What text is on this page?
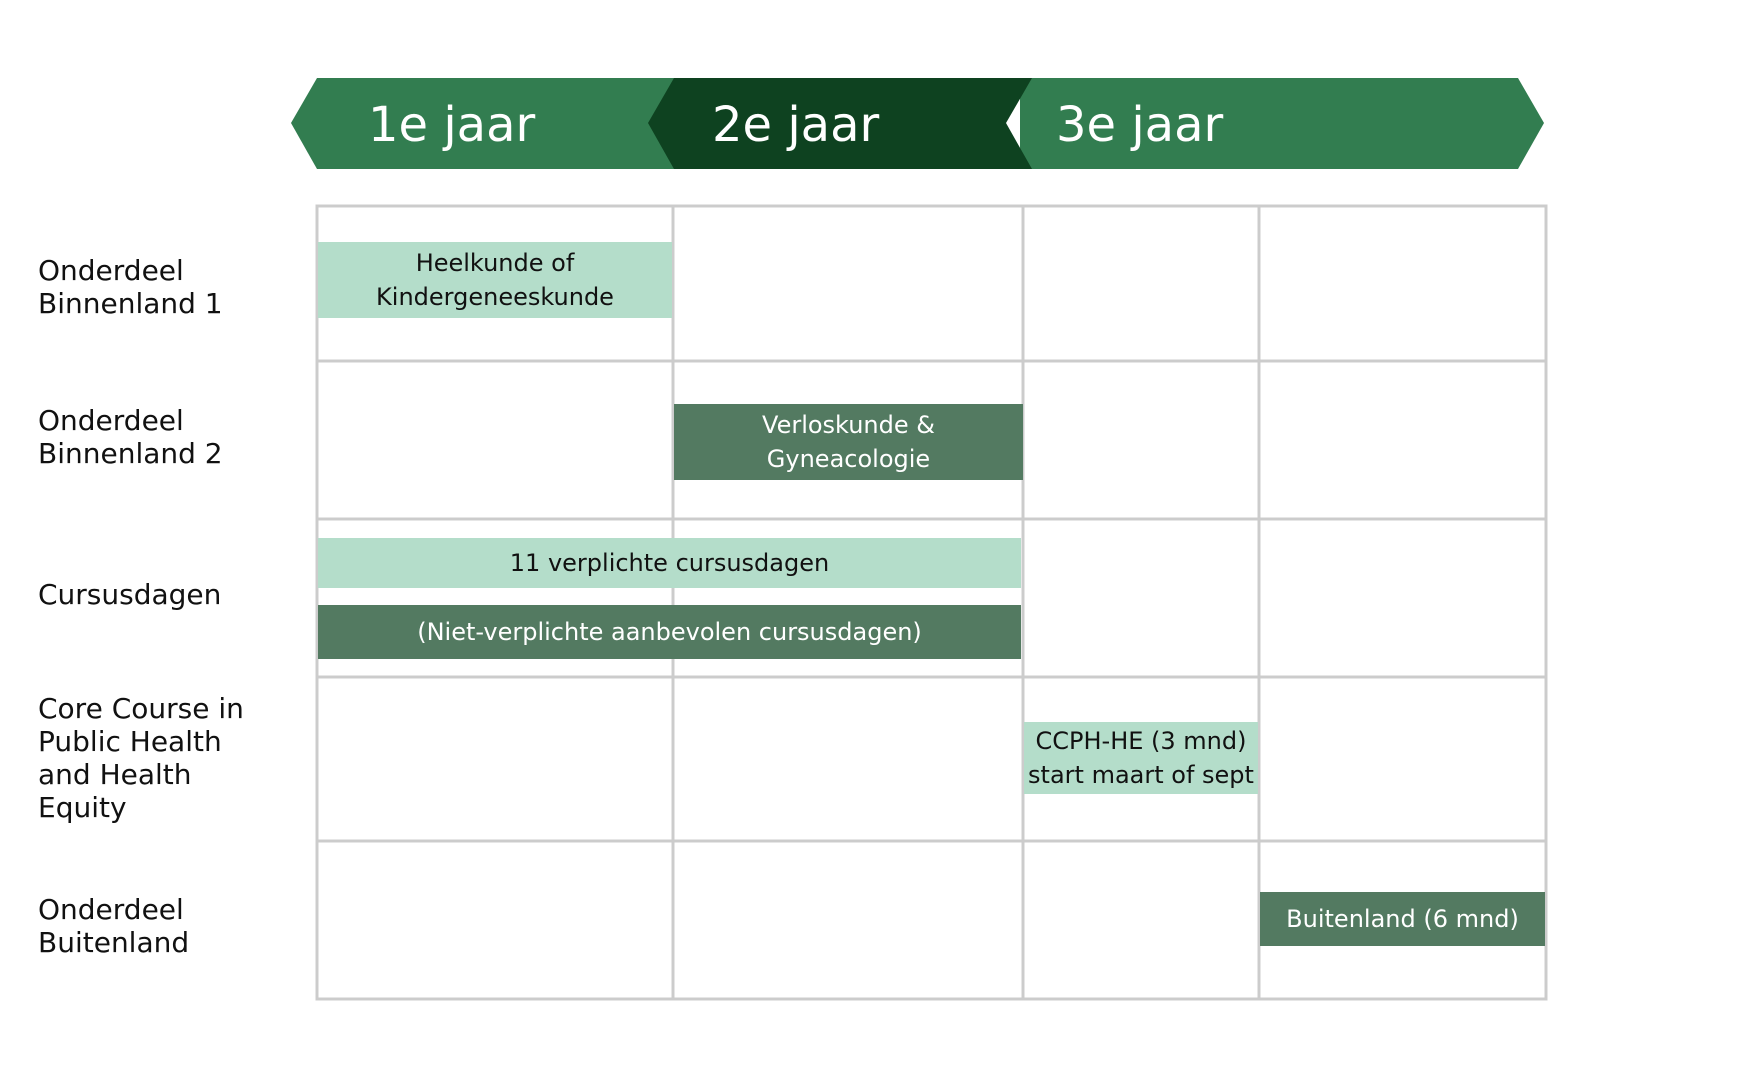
1e jaar	2e jaar	3e jaar
Onderdeel
Binnenland 1
Onderdeel
Binnenland 2
Cursusdagen
Core Course in
Public Health
and Health
Equity
Onderdeel
Buitenland
Heelkunde of
Kindergeneeskunde
Verloskunde &
Gyneacologie
11 verplichte cursusdagen
(Niet-verplichte aanbevolen cursusdagen)
CCPH-HE (3 mnd)
start maart of sept
Buitenland (6 mnd)
